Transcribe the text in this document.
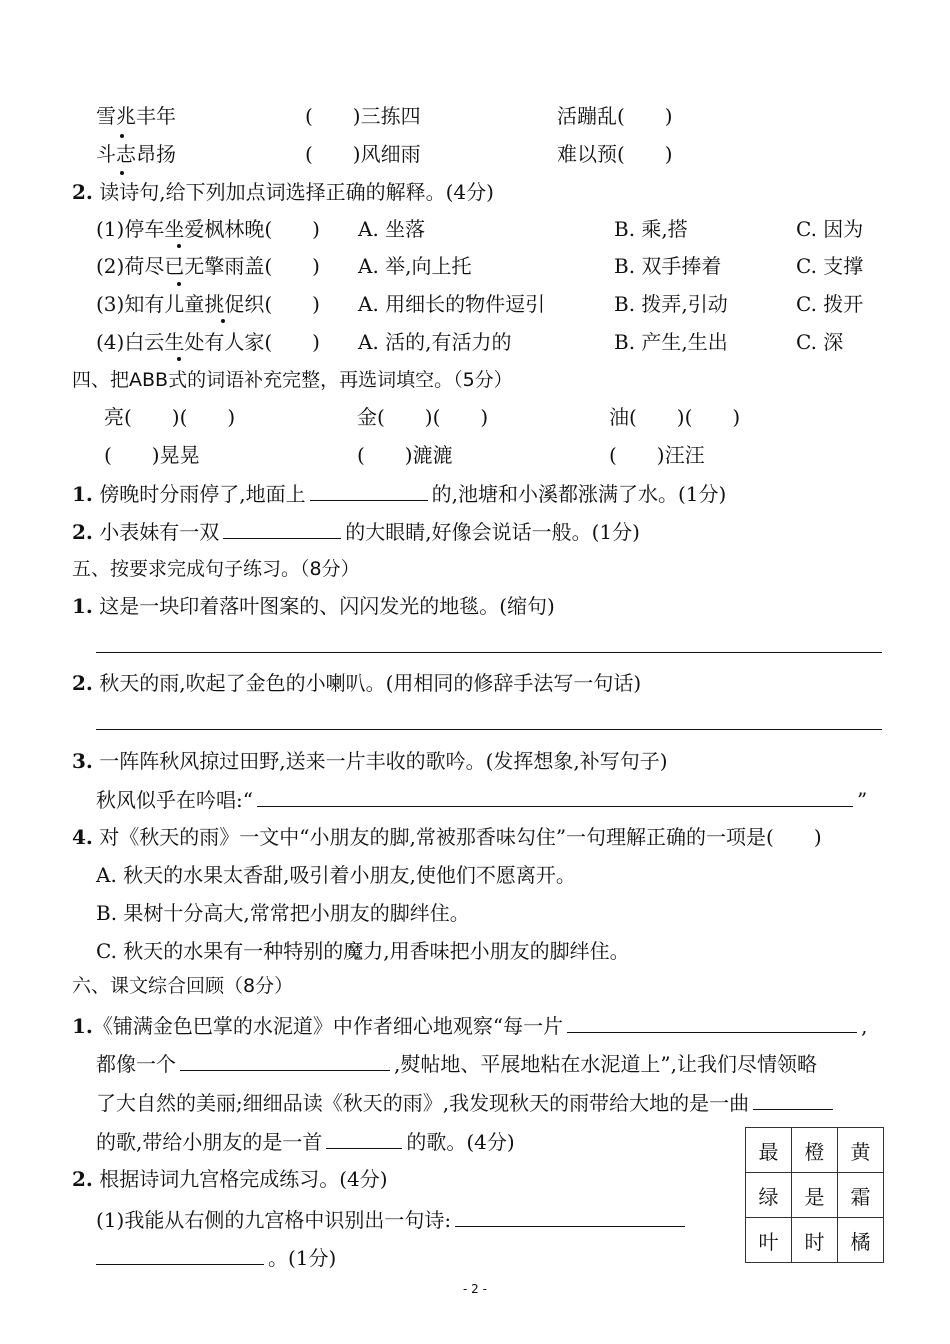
雪兆丰年	(　　)三拣四	活蹦乱(　　)
斗志昂扬	(　　)风细雨	难以预(　　)
2. 读诗句,给下列加点词选择正确的解释。(4分)
(1)停车坐爱枫林晚(　　) A. 坐落	B. 乘,搭	C. 因为
(2)荷尽已无擎雨盖(　　) A. 举,向上托	B. 双手捧着	C. 支撑
(3)知有儿童挑促织(　　) A. 用细长的物件逗引	B. 拨弄,引动	C. 拨开
(4)白云生处有人家(　　) A. 活的,有活力的	B. 产生,生出	C. 深
四、把ABB式的词语补充完整，再选词填空。（5分）
亮(　　)(　　)	金(　　)(　　)	油(　　)(　　)
(　　)晃晃	(　　)漉漉	(　　)汪汪
1. 傍晚时分雨停了,地面上	的,池塘和小溪都涨满了水。(1分)
2. 小表妹有一双	的大眼睛,好像会说话一般。(1分)
五、按要求完成句子练习。（8分）
1. 这是一块印着落叶图案的、闪闪发光的地毯。(缩句)
2. 秋天的雨,吹起了金色的小喇叭。(用相同的修辞手法写一句话)
3. 一阵阵秋风掠过田野,送来一片丰收的歌吟。(发挥想象,补写句子)
秋风似乎在吟唱:“	”
4. 对《秋天的雨》一文中“小朋友的脚,常被那香味勾住”一句理解正确的一项是(　　)
A. 秋天的水果太香甜,吸引着小朋友,使他们不愿离开。
B. 果树十分高大,常常把小朋友的脚绊住。
C. 秋天的水果有一种特别的魔力,用香味把小朋友的脚绊住。
六、课文综合回顾（8分）
1.《铺满金色巴掌的水泥道》中作者细心地观察“每一片	,
都像一个	,熨帖地、平展地粘在水泥道上”,让我们尽情领略
了大自然的美丽;细细品读《秋天的雨》,我发现秋天的雨带给大地的是一曲
的歌,带给小朋友的是一首	的歌。(4分)
2. 根据诗词九宫格完成练习。(4分)
(1)我能从右侧的九宫格中识别出一句诗:
。(1分)
最	橙	黄
绿	是	霜
叶	时	橘
- 2 -
